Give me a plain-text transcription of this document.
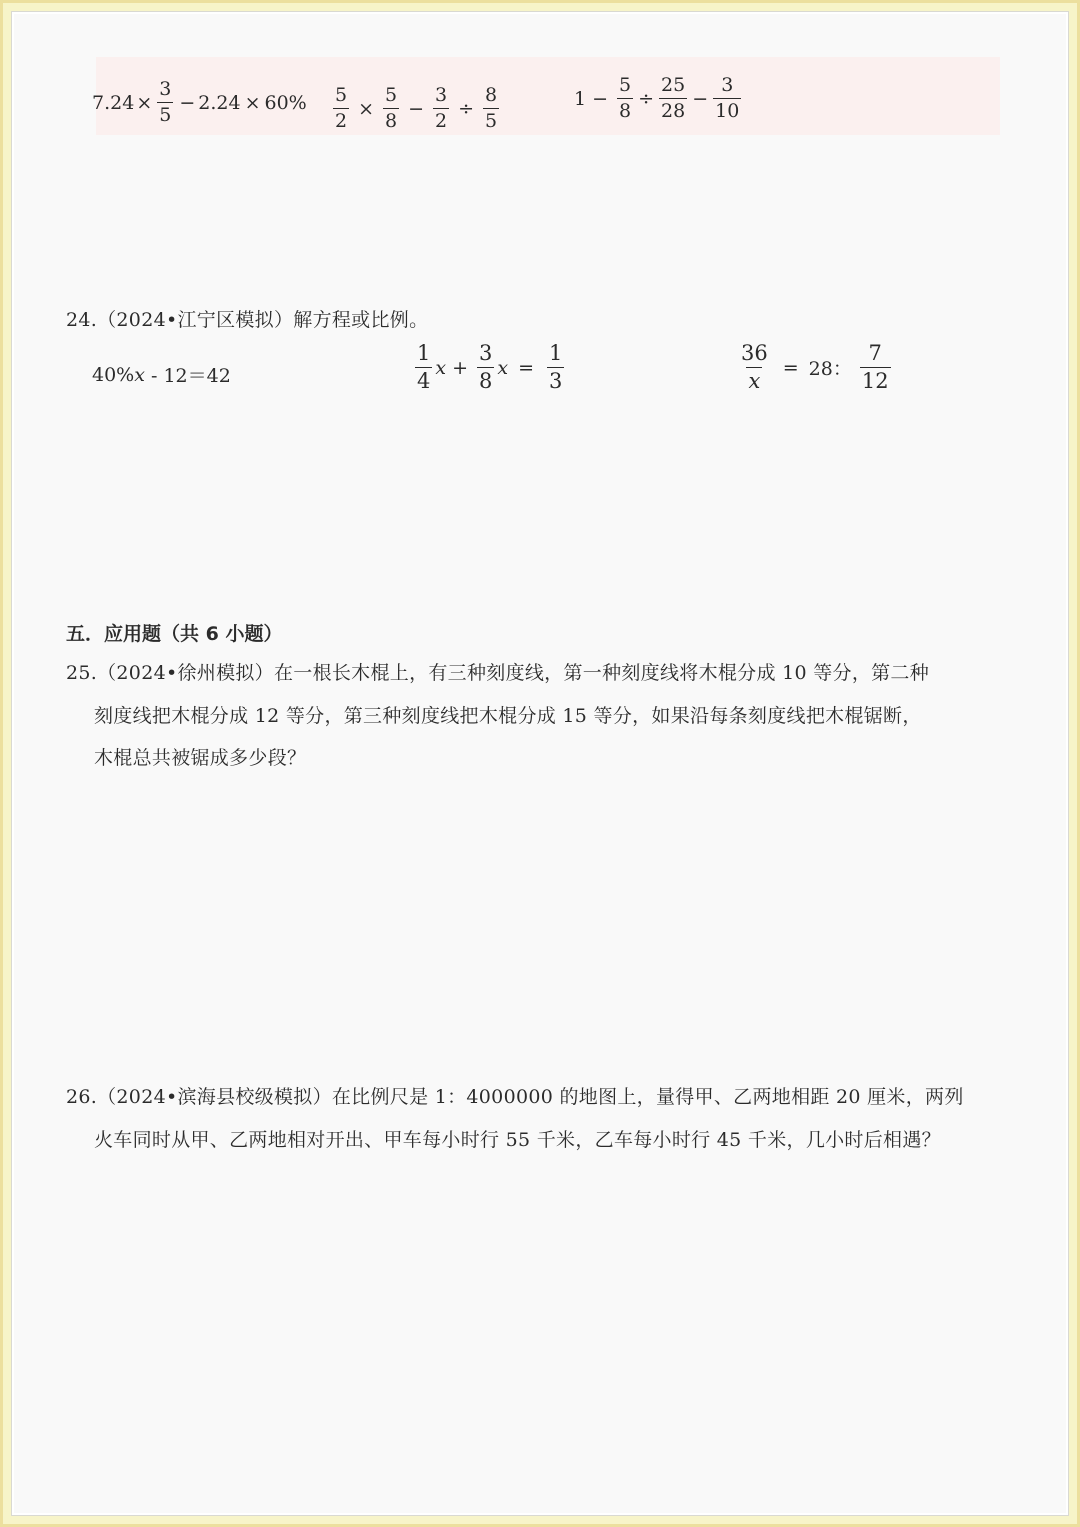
$7.24 \times \frac{3}{5} - 2.24 \times 60\% \frac{5}{2} \times \frac{5}{8} - \frac{3}{2} \div \frac{8}{5}$	$1 - \frac{5}{8} \div \frac{25}{28} - \frac{3}{10}$
24.（2024•江宁区模拟）解方程或比例。
40% x - 12＝42	$\frac{1}{4}$ $x + \frac{3}{8}$ $x = \frac{1}{3}$	$\frac{36}{x} = 28$： $\frac{7}{12}$
五．应用题（共 6 小题）
25.（2024•徐州模拟）在一根长木棍上，有三种刻度线，第一种刻度线将木棍分成 10 等分，第二种
刻度线把木棍分成 12 等分，第三种刻度线把木棍分成 15 等分，如果沿每条刻度线把木棍锯断，
木棍总共被锯成多少段？
26.（2024•滨海县校级模拟）在比例尺是 1：4000000 的地图上，量得甲、乙两地相距 20 厘米，两列
火车同时从甲、乙两地相对开出、甲车每小时行 55 千米，乙车每小时行 45 千米，几小时后相遇？
